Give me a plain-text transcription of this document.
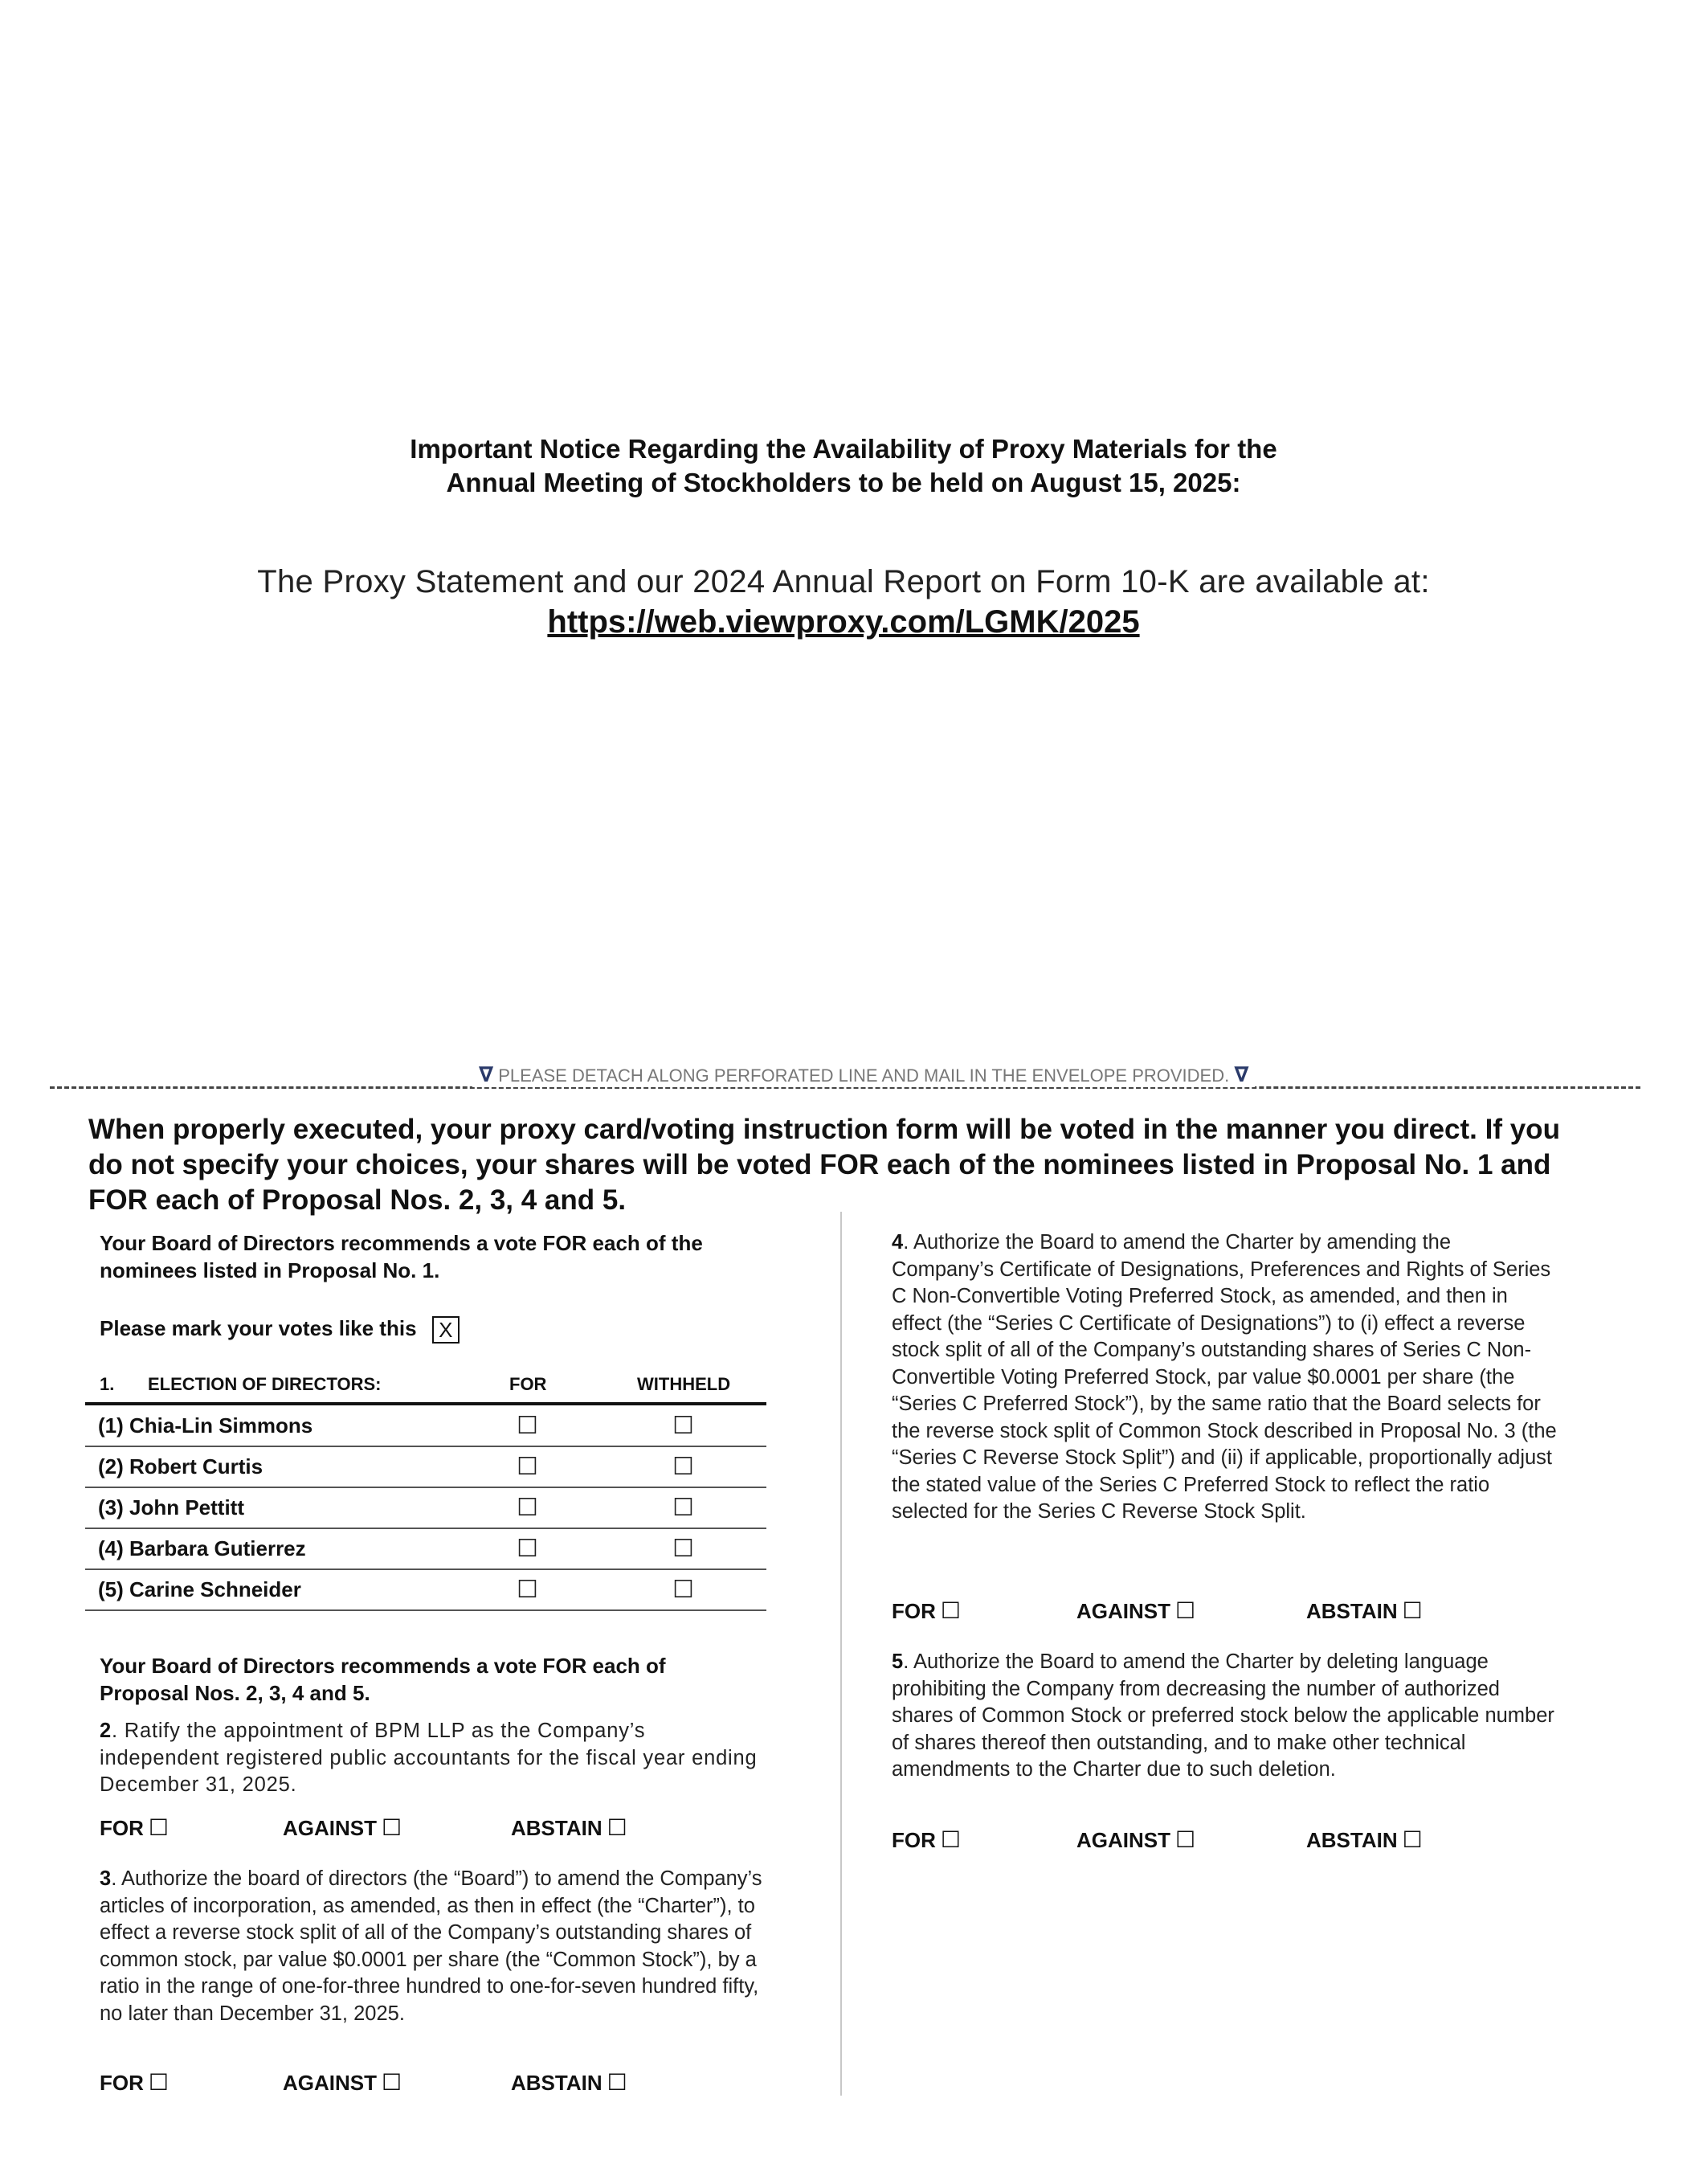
Important Notice Regarding the Availability of Proxy Materials for the
Annual Meeting of Stockholders to be held on August 15, 2025:
The Proxy Statement and our 2024 Annual Report on Form 10-K are available at:
https://web.viewproxy.com/LGMK/2025
∇ PLEASE DETACH ALONG PERFORATED LINE AND MAIL IN THE ENVELOPE PROVIDED. ∇
When properly executed, your proxy card/voting instruction form will be voted in the manner you direct. If you do not specify your choices, your shares will be voted FOR each of the nominees listed in Proposal No. 1 and FOR each of Proposal Nos. 2, 3, 4 and 5.
Your Board of Directors recommends a vote FOR each of the
nominees listed in Proposal No. 1.
Please mark your votes like this X
1. ELECTION OF DIRECTORS:	FOR	WITHHELD
(1) Chia-Lin Simmons	☐	☐
(2) Robert Curtis	☐	☐
(3) John Pettitt	☐	☐
(4) Barbara Gutierrez	☐	☐
(5) Carine Schneider	☐	☐
Your Board of Directors recommends a vote FOR each of
Proposal Nos. 2, 3, 4 and 5.
2. Ratify the appointment of BPM LLP as the Company’s independent registered public accountants for the fiscal year ending December 31, 2025.
FOR ☐	AGAINST ☐	ABSTAIN ☐
3. Authorize the board of directors (the “Board”) to amend the Company’s articles of incorporation, as amended, as then in effect (the “Charter”), to effect a reverse stock split of all of the Company’s outstanding shares of common stock, par value $0.0001 per share (the “Common Stock”), by a ratio in the range of one-for-three hundred to one-for-seven hundred fifty, no later than December 31, 2025.
FOR ☐	AGAINST ☐	ABSTAIN ☐
4. Authorize the Board to amend the Charter by amending the Company’s Certificate of Designations, Preferences and Rights of Series C Non-Convertible Voting Preferred Stock, as amended, and then in effect (the “Series C Certificate of Designations”) to (i) effect a reverse stock split of all of the Company’s outstanding shares of Series C Non-Convertible Voting Preferred Stock, par value $0.0001 per share (the “Series C Preferred Stock”), by the same ratio that the Board selects for the reverse stock split of Common Stock described in Proposal No. 3 (the “Series C Reverse Stock Split”) and (ii) if applicable, proportionally adjust the stated value of the Series C Preferred Stock to reflect the ratio selected for the Series C Reverse Stock Split.
FOR ☐	AGAINST ☐	ABSTAIN ☐
5. Authorize the Board to amend the Charter by deleting language prohibiting the Company from decreasing the number of authorized shares of Common Stock or preferred stock below the applicable number of shares thereof then outstanding, and to make other technical amendments to the Charter due to such deletion.
FOR ☐	AGAINST ☐	ABSTAIN ☐
